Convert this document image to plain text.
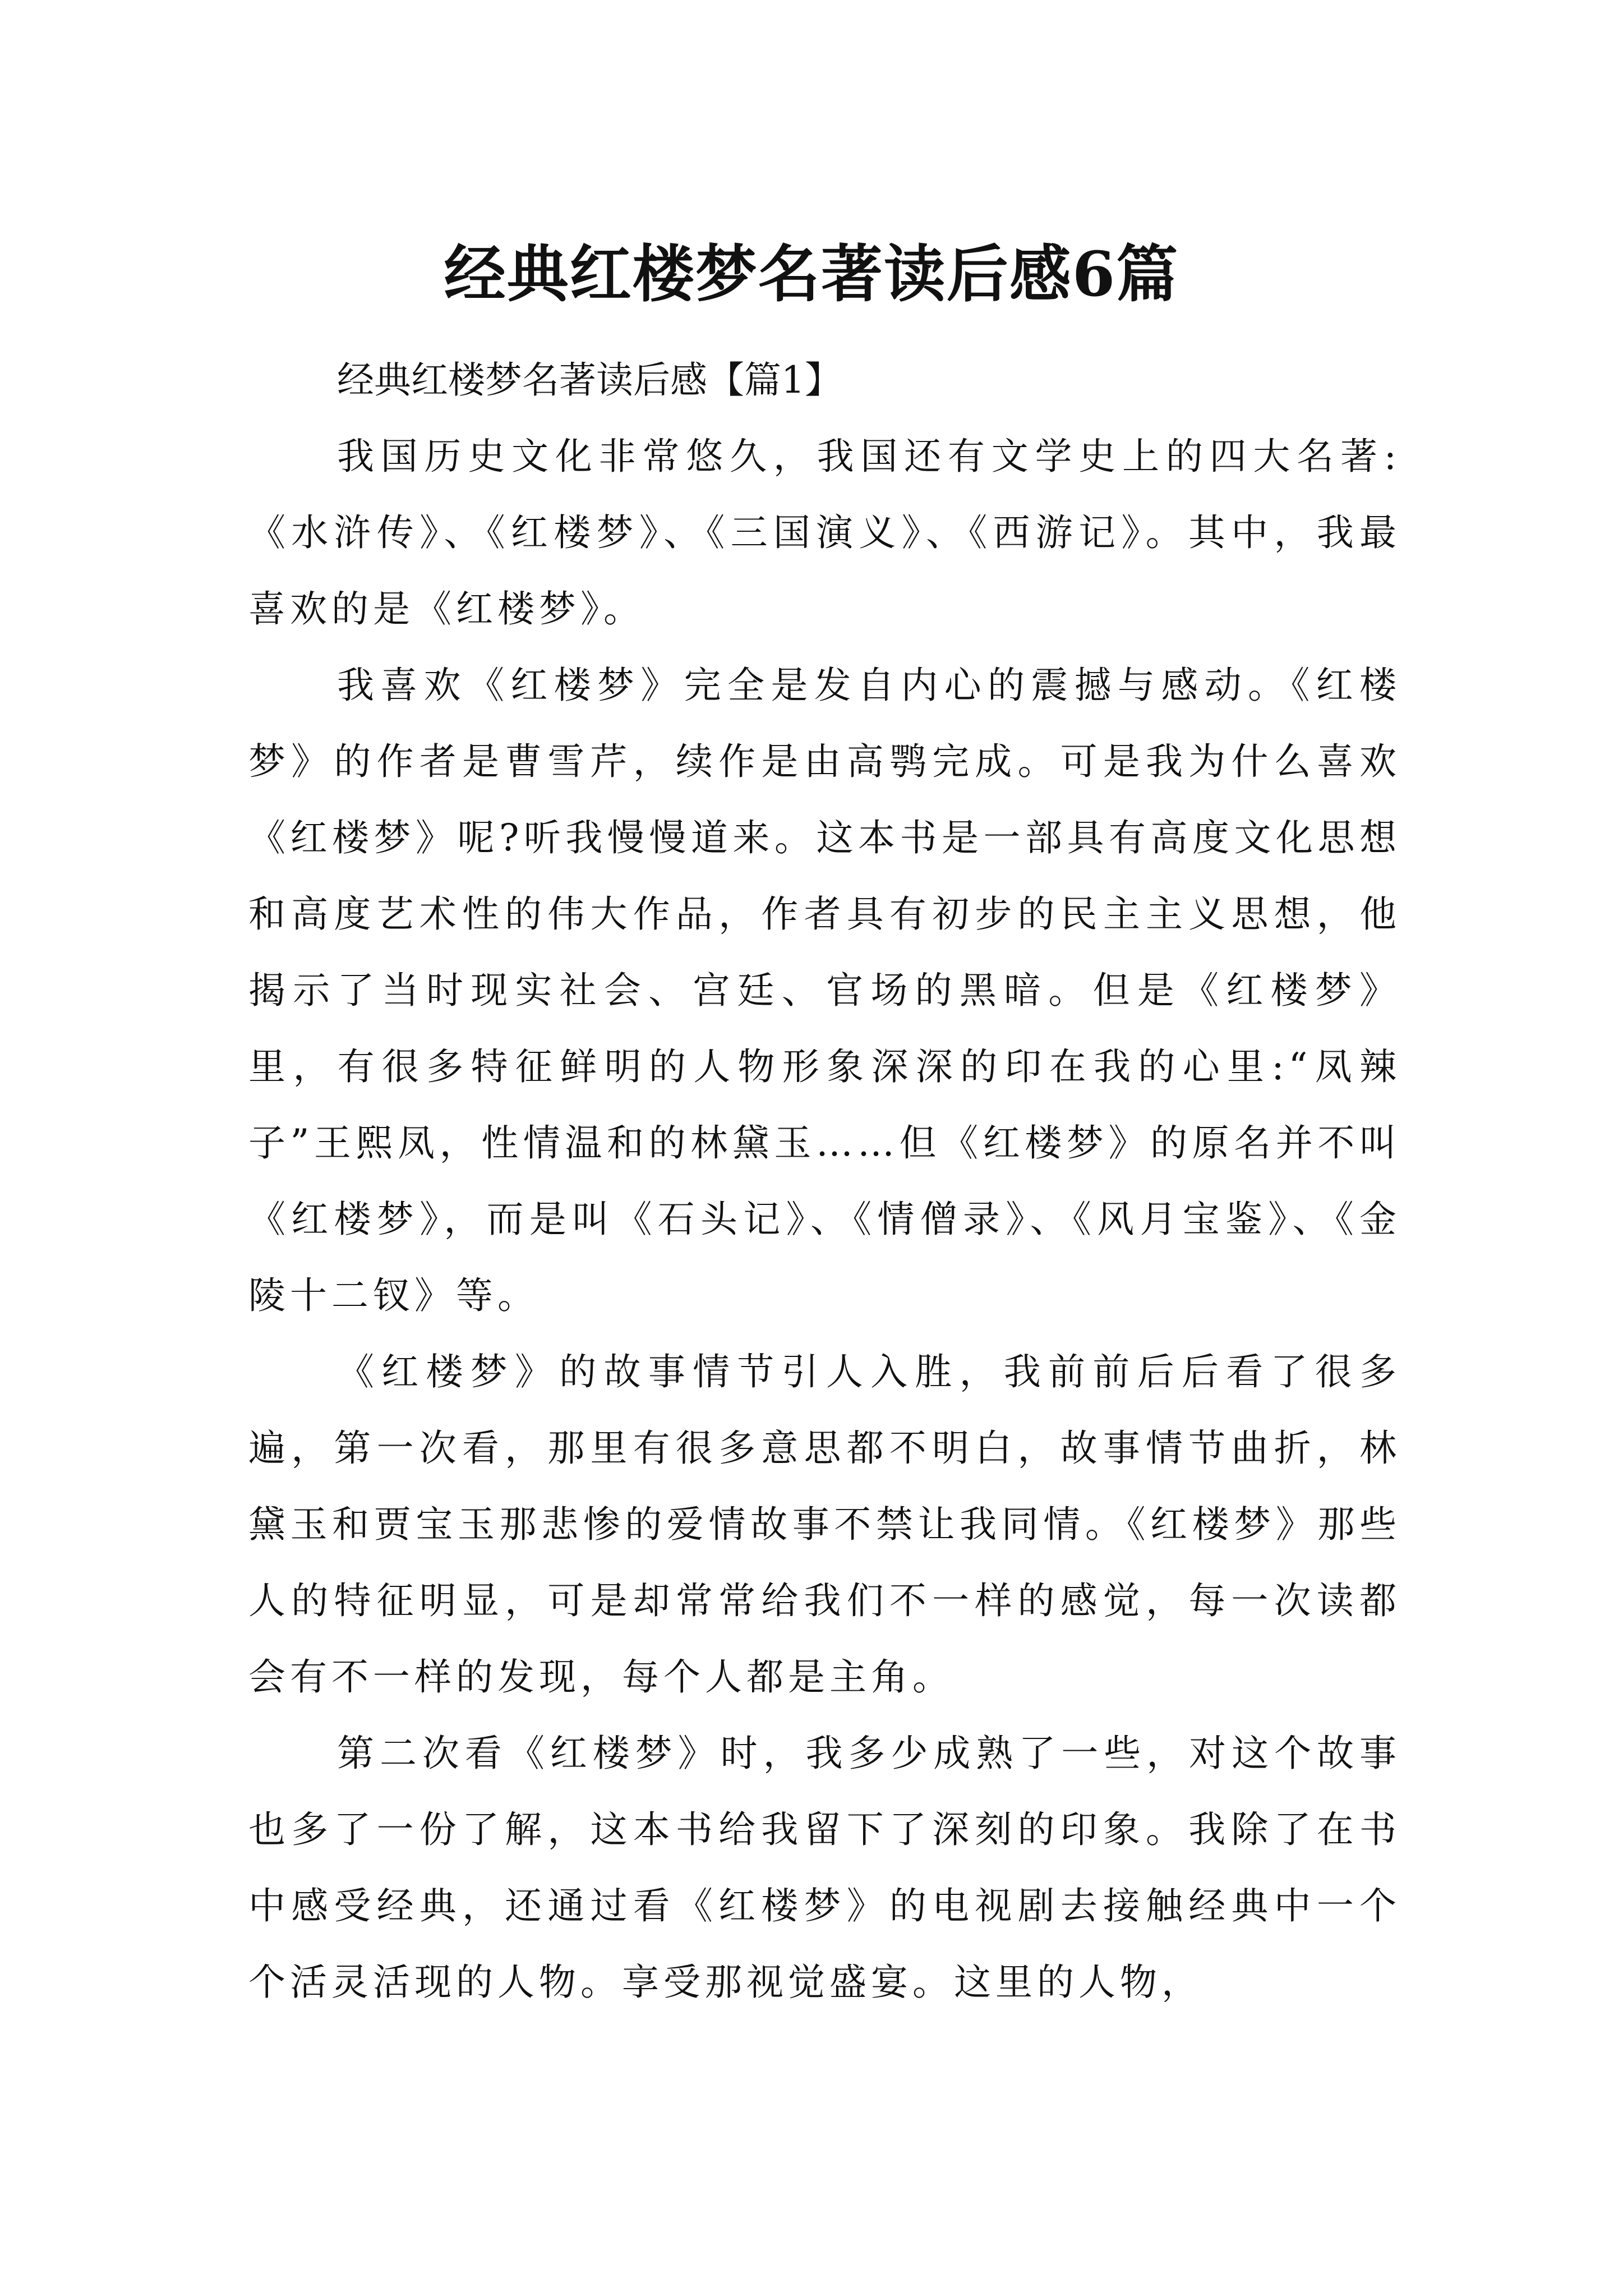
经典红楼梦名著读后感6篇

经典红楼梦名著读后感【篇1】

我国历史文化非常悠久，我国还有文学史上的四大名著:《水浒传》、《红楼梦》、《三国演义》、《西游记》。其中，我最喜欢的是《红楼梦》。

我喜欢《红楼梦》完全是发自内心的震撼与感动。《红楼梦》的作者是曹雪芹，续作是由高鹗完成。可是我为什么喜欢《红楼梦》呢?听我慢慢道来。这本书是一部具有高度文化思想和高度艺术性的伟大作品，作者具有初步的民主主义思想，他揭示了当时现实社会、宫廷、官场的黑暗。但是《红楼梦》里，有很多特征鲜明的人物形象深深的印在我的心里:“凤辣子”王熙凤，性情温和的林黛玉……但《红楼梦》的原名并不叫《红楼梦》，而是叫《石头记》、《情僧录》、《风月宝鉴》、《金陵十二钗》等。

《红楼梦》的故事情节引人入胜，我前前后后看了很多遍，第一次看，那里有很多意思都不明白，故事情节曲折，林黛玉和贾宝玉那悲惨的爱情故事不禁让我同情。《红楼梦》那些人的特征明显，可是却常常给我们不一样的感觉，每一次读都会有不一样的发现，每个人都是主角。

第二次看《红楼梦》时，我多少成熟了一些，对这个故事也多了一份了解，这本书给我留下了深刻的印象。我除了在书中感受经典，还通过看《红楼梦》的电视剧去接触经典中一个个活灵活现的人物。享受那视觉盛宴。这里的人物，
